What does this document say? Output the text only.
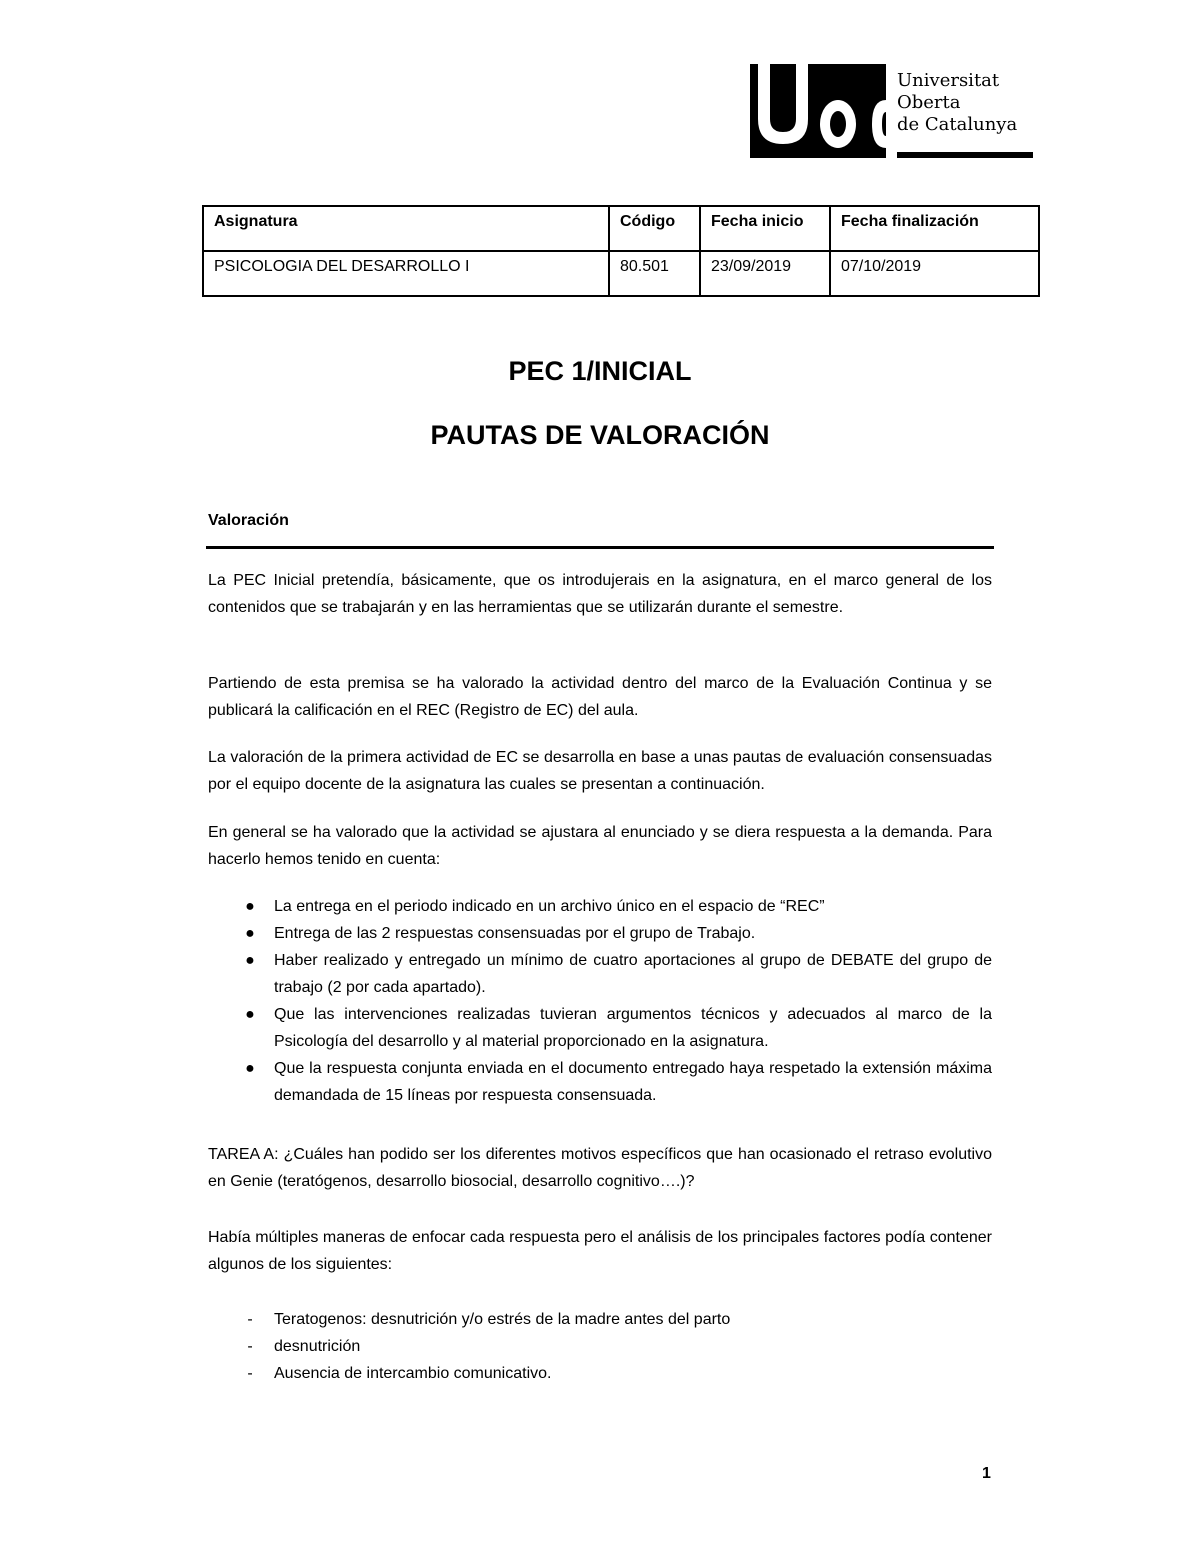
Universitat
Oberta
de Catalunya
Asignatura	Código	Fecha inicio	Fecha finalización
PSICOLOGIA DEL DESARROLLO I	80.501	23/09/2019	07/10/2019
PEC 1/INICIAL
PAUTAS DE VALORACIÓN
Valoración

La PEC Inicial pretendía, básicamente, que os introdujerais en la asignatura, en el marco general de los contenidos que se trabajarán y en las herramientas que se utilizarán durante el semestre.

Partiendo de esta premisa se ha valorado la actividad dentro del marco de la Evaluación Continua y se publicará la calificación en el REC (Registro de EC) del aula.

La valoración de la primera actividad de EC se desarrolla en base a unas pautas de evaluación consensuadas por el equipo docente de la asignatura las cuales se presentan a continuación.

En general se ha valorado que la actividad se ajustara al enunciado y se diera respuesta a la demanda. Para hacerlo hemos tenido en cuenta:

●	La entrega en el periodo indicado en un archivo único en el espacio de “REC”
●	Entrega de las 2 respuestas consensuadas por el grupo de Trabajo.
●	Haber realizado y entregado un mínimo de cuatro aportaciones al grupo de DEBATE del grupo de trabajo (2 por cada apartado).
●	Que las intervenciones realizadas tuvieran argumentos técnicos y adecuados al marco de la Psicología del desarrollo y al material proporcionado en la asignatura.
●	Que la respuesta conjunta enviada en el documento entregado haya respetado la extensión máxima demandada de 15 líneas por respuesta consensuada.

TAREA A: ¿Cuáles han podido ser los diferentes motivos específicos que han ocasionado el retraso evolutivo en Genie (teratógenos, desarrollo biosocial, desarrollo cognitivo….)?

Había múltiples maneras de enfocar cada respuesta pero el análisis de los principales factores podía contener algunos de los siguientes:

-	Teratogenos: desnutrición y/o estrés de la madre antes del parto
-	desnutrición
-	Ausencia de intercambio comunicativo.
1
